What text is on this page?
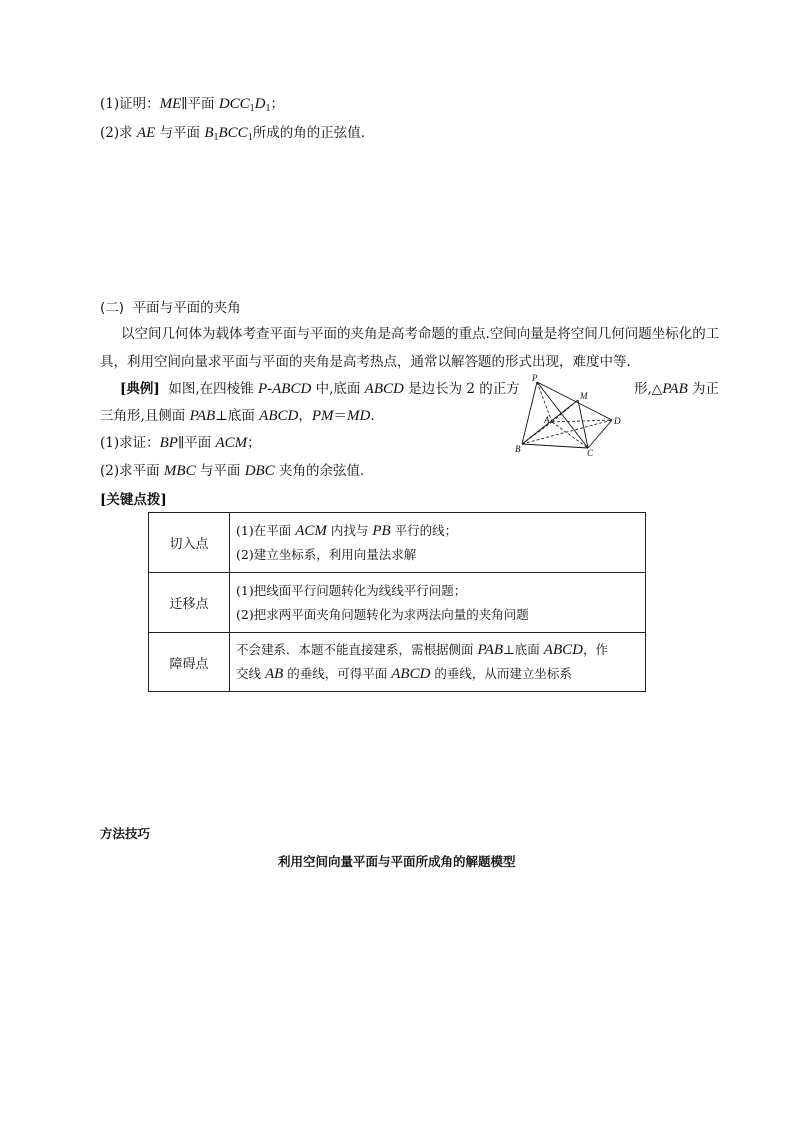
(1)证明：ME∥平面 $DCC_1D_1$；
(2)求 AE 与平面 $B_1BCC_1$所成的角的正弦值．
(二) 平面与平面的夹角
以空间几何体为载体考查平面与平面的夹角是高考命题的重点.空间向量是将空间几何问题坐标化的工
具，利用空间向量求平面与平面的夹角是高考热点，通常以解答题的形式出现，难度中等.
[典例] 如图,在四棱锥 P-ABCD 中,底面 ABCD 是边长为 2 的正方	形,△PAB 为正
三角形,且侧面 PAB⊥底面 ABCD，PM＝MD.
(1)求证：BP∥平面 ACM；
(2)求平面 MBC 与平面 DBC 夹角的余弦值．
P
M
A	D
B	C
[关键点拨]
切入点	(1)在平面 ACM 内找与 PB 平行的线；
(2)建立坐标系，利用向量法求解

迁移点	(1)把线面平行问题转化为线线平行问题；
(2)把求两平面夹角问题转化为求两法向量的夹角问题

障碍点	不会建系．本题不能直接建系，需根据侧面 PAB⊥底面 ABCD，作
交线 AB 的垂线，可得平面 ABCD 的垂线，从而建立坐标系
方法技巧
利用空间向量平面与平面所成角的解题模型
